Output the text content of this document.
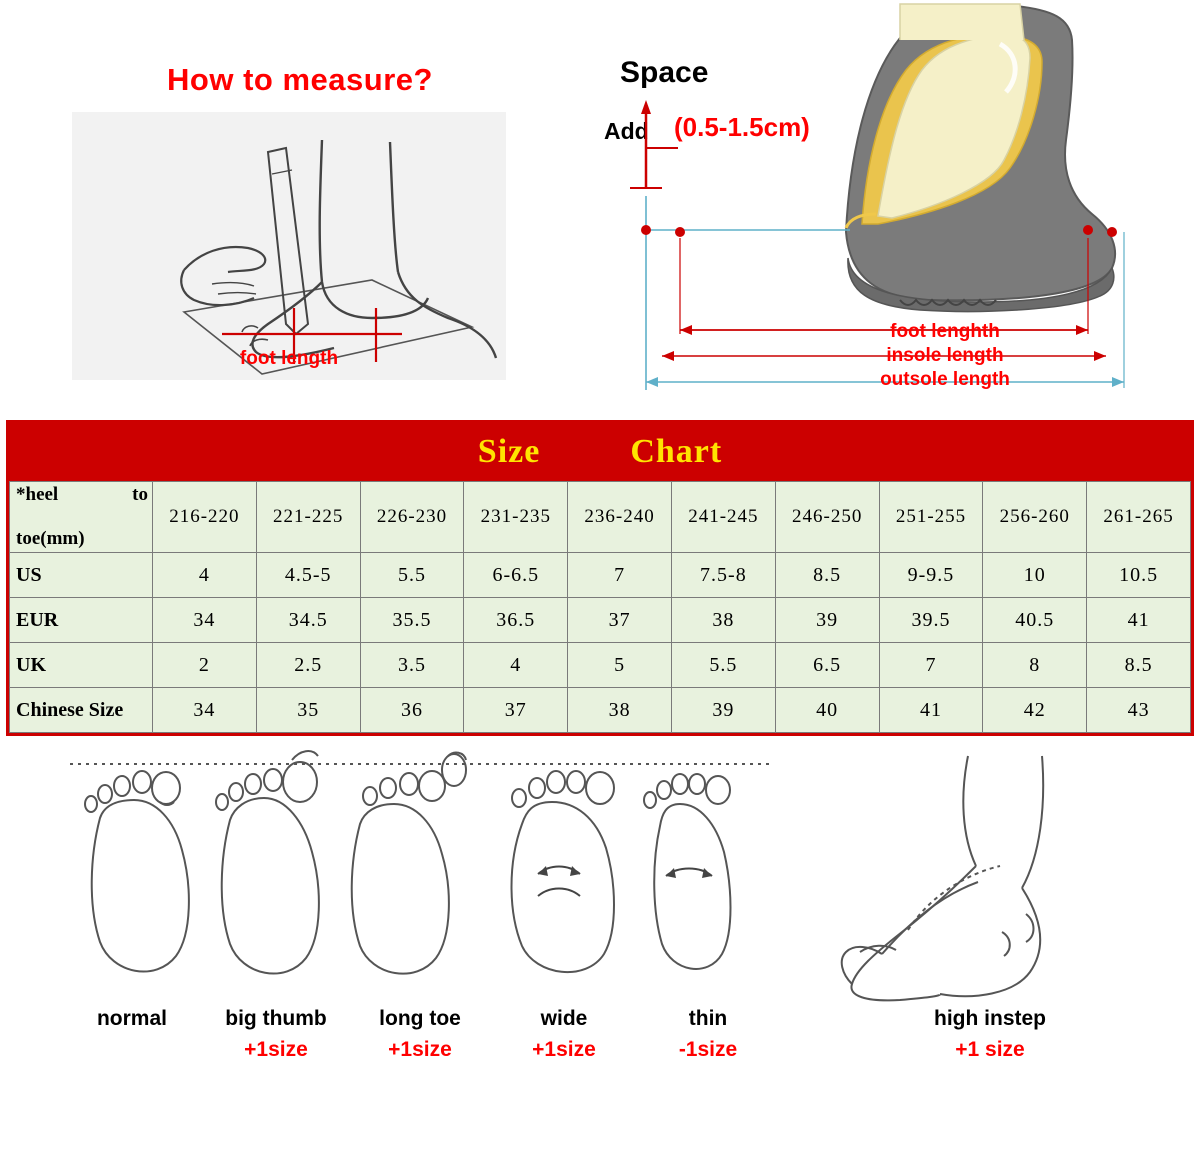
How to measure?
foot length
Space
Add (0.5-1.5cm)
foot lenghth
insole length
outsole length
Size	Chart
*heel to
toe(mm)	216-220	221-225	226-230	231-235	236-240	241-245	246-250	251-255	256-260	261-265
US	4	4.5-5	5.5	6-6.5	7	7.5-8	8.5	9-9.5	10	10.5
EUR	34	34.5	35.5	36.5	37	38	39	39.5	40.5	41
UK	2	2.5	3.5	4	5	5.5	6.5	7	8	8.5
Chinese Size	34	35	36	37	38	39	40	41	42	43
normal	big thumb
+1size
long toe
+1size
wide
+1size
thin
-1size
high instep
+1 size
